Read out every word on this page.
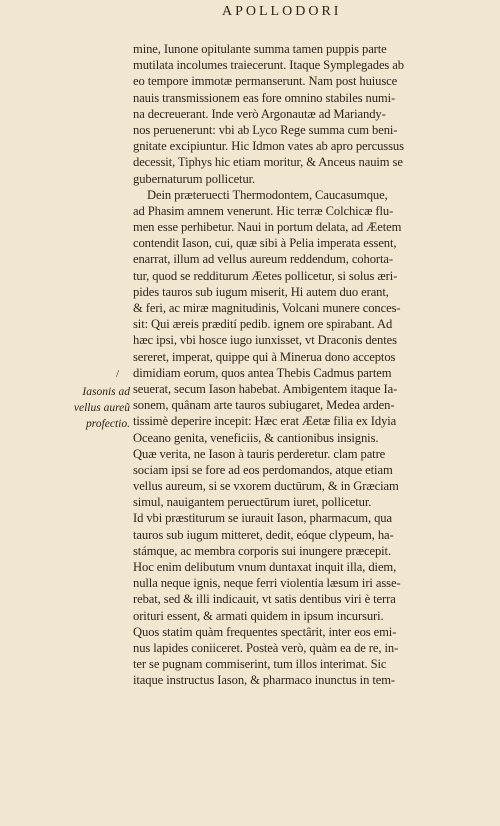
APOLLODORI
/
Iasonis ad
vellus aureũ
profectio.
mine, Iunone opitulante summa tamen puppis parte
mutilata incolumes traiecerunt. Itaque Symplegades ab
eo tempore immotæ permanserunt. Nam post huiusce
nauis transmissionem eas fore omnino stabiles numi-
na decreuerant. Inde verò Argonautæ ad Mariandy-
nos peruenerunt: vbi ab Lyco Rege summa cum beni-
gnitate excipiuntur. Hic Idmon vates ab apro percussus
decessit, Tiphys hic etiam moritur, & Anceus nauim se
gubernaturum pollicetur.
Dein præteruecti Thermodontem, Caucasumque,
ad Phasim amnem venerunt. Hic terræ Colchicæ flu-
men esse perhibetur. Naui in portum delata, ad Æetem
contendit Iason, cui, quæ sibi à Pelia imperata essent,
enarrat, illum ad vellus aureum reddendum, cohorta-
tur, quod se redditurum Æetes pollicetur, si solus æri-
pides tauros sub iugum miserit, Hi autem duo erant,
& feri, ac miræ magnitudinis, Volcani munere conces-
sit: Qui æreis prædití pedib. ignem ore spirabant. Ad
hæc ipsi, vbi hosce iugo iunxisset, vt Draconis dentes
sereret, imperat, quippe qui à Minerua dono acceptos
dimidiam eorum, quos antea Thebis Cadmus partem
seuerat, secum Iason habebat. Ambigentem itaque Ia-
sonem, quânam arte tauros subiugaret, Medea arden-
tissimè deperire incepit: Hæc erat Æetæ filia ex Idyia
Oceano genita, veneficiis, & cantionibus insignis.
Quæ verita, ne Iason à tauris perderetur. clam patre
sociam ipsi se fore ad eos perdomandos, atque etiam
vellus aureum, si se vxorem ductūrum, & in Græciam
simul, nauigantem peruectūrum iuret, pollicetur.
Id vbi præstiturum se iurauit Iason, pharmacum, qua
tauros sub iugum mitteret, dedit, eóque clypeum, ha-
stámque, ac membra corporis sui inungere præcepit.
Hoc enim delibutum vnum duntaxat inquit illa, diem,
nulla neque ignis, neque ferri violentia læsum iri asse-
rebat, sed & illi indicauit, vt satis dentibus viri è terra
orituri essent, & armati quidem in ipsum incursuri.
Quos statim quàm frequentes spectârit, inter eos emi-
nus lapides coniiceret. Posteà verò, quàm ea de re, in-
ter se pugnam commiserint, tum illos interimat. Sic
itaque instructus Iason, & pharmaco inunctus in tem-
